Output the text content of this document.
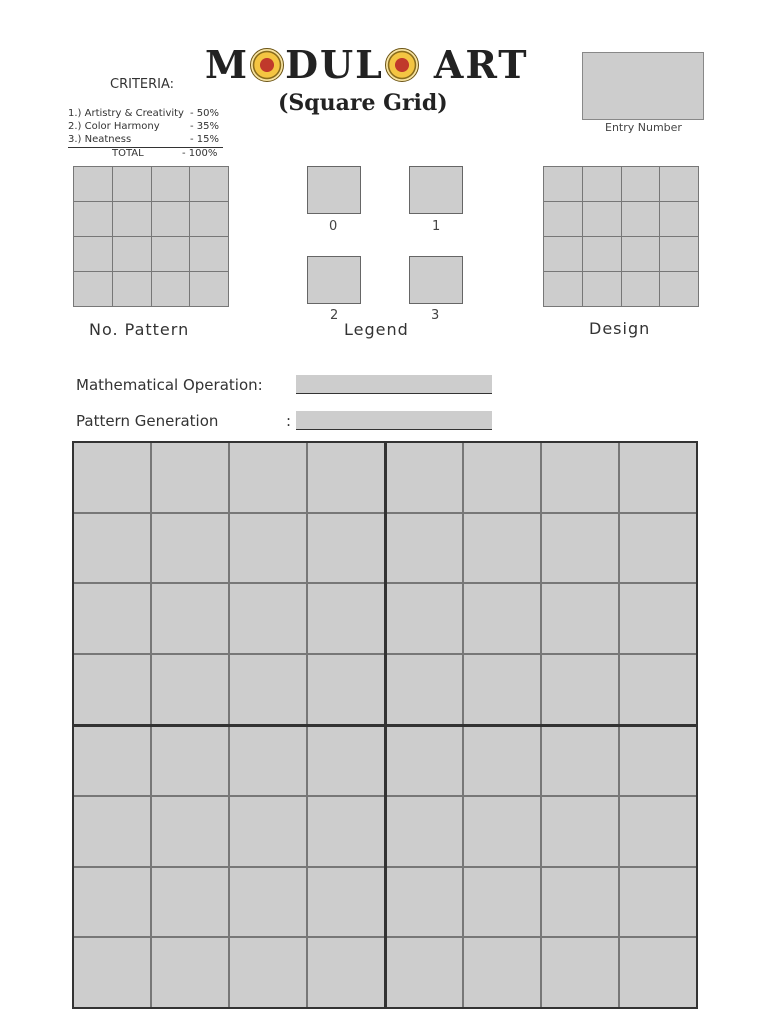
M DUL ART
(Square Grid)
CRITERIA:
1.) Artistry & Creativity - 50%
2.) Color Harmony	- 35%
3.) Neatness	- 15%
TOTAL	- 100%
Entry Number
No. Pattern
0	1
2	3
Legend	Design
Mathematical Operation:
Pattern Generation	:
